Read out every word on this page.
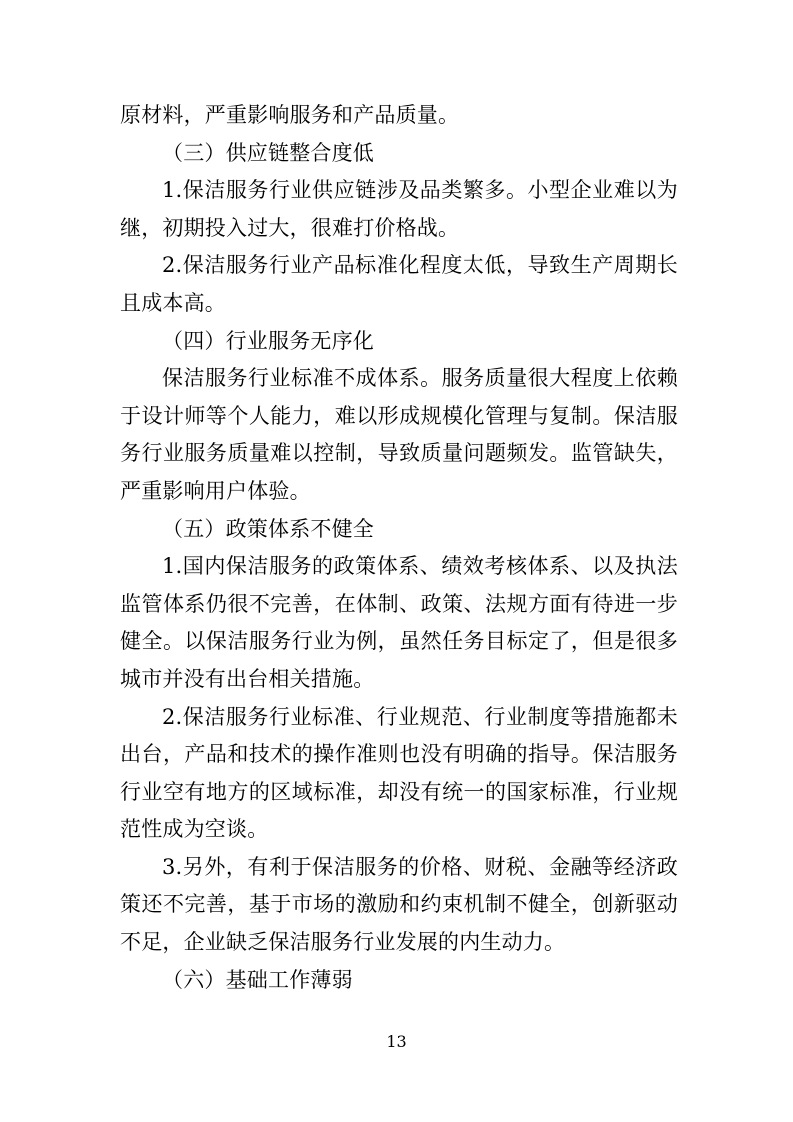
原材料，严重影响服务和产品质量。
（三）供应链整合度低
1.保洁服务行业供应链涉及品类繁多。小型企业难以为
继，初期投入过大，很难打价格战。
2.保洁服务行业产品标准化程度太低，导致生产周期长
且成本高。
（四）行业服务无序化
保洁服务行业标准不成体系。服务质量很大程度上依赖
于设计师等个人能力，难以形成规模化管理与复制。保洁服
务行业服务质量难以控制，导致质量问题频发。监管缺失，
严重影响用户体验。
（五）政策体系不健全
1.国内保洁服务的政策体系、绩效考核体系、以及执法
监管体系仍很不完善，在体制、政策、法规方面有待进一步
健全。以保洁服务行业为例，虽然任务目标定了，但是很多
城市并没有出台相关措施。
2.保洁服务行业标准、行业规范、行业制度等措施都未
出台，产品和技术的操作准则也没有明确的指导。保洁服务
行业空有地方的区域标准，却没有统一的国家标准，行业规
范性成为空谈。
3.另外，有利于保洁服务的价格、财税、金融等经济政
策还不完善，基于市场的激励和约束机制不健全，创新驱动
不足，企业缺乏保洁服务行业发展的内生动力。
（六）基础工作薄弱
13
